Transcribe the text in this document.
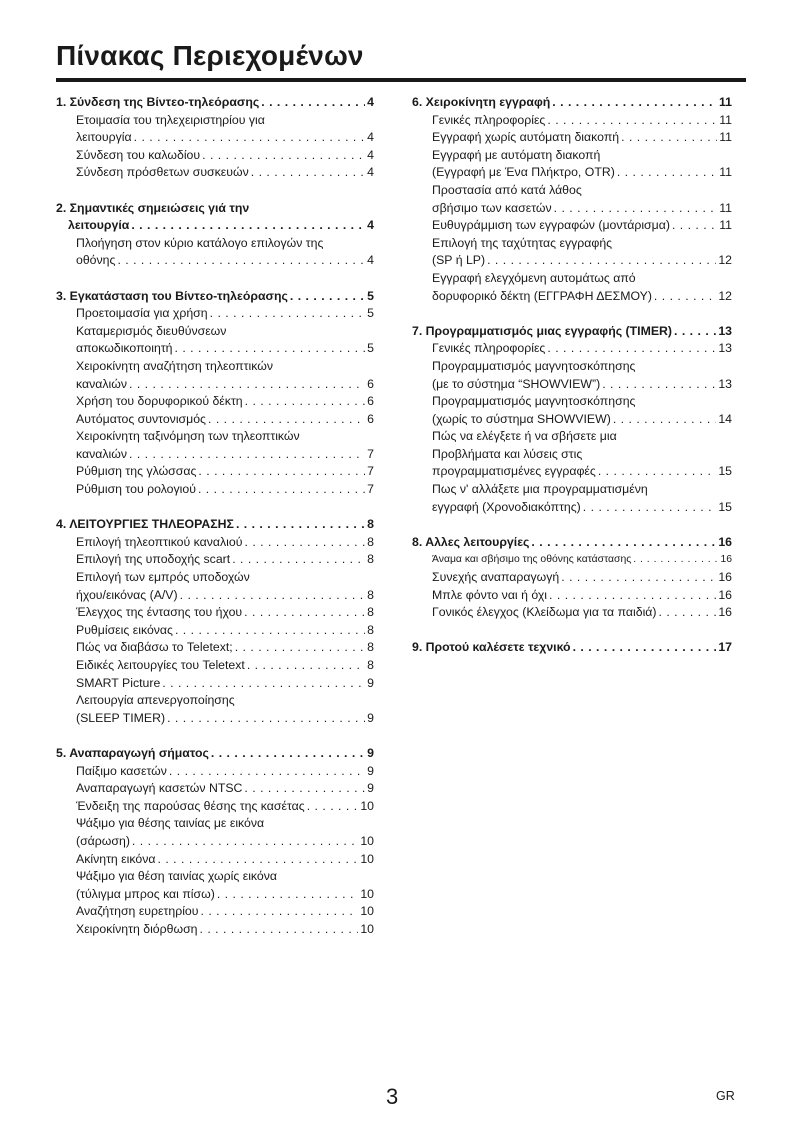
Πίνακας Περιεχομένων
1. Σύνδεση της Βίντεο-τηλεόρασης . . .	4
Ετοιμασία του τηλεχειριστηρίου για
λειτουργία . . .	4
Σύνδεση του καλωδίου . . .	4
Σύνδεση πρόσθετων συσκευών . . .	4
2. Σημαντικές σημειώσεις γιά την
λειτουργία . . .	4
Πλοήγηση στον κύριο κατάλογο επιλογών της
οθόνης . . .	4
3. Εγκατάσταση του Βίντεο-τηλεόρασης . . .	5
Προετοιμασία για χρήση . . .	5
Καταμερισμός διευθύνσεων
αποκωδικοποιητή . . .	5
Χειροκίνητη αναζήτηση τηλεοπτικών
καναλιών . . .	6
Χρήση του δορυφορικού δέκτη . . .	6
Αυτόματος συντονισμός . . .	6
Χειροκίνητη ταξινόμηση των τηλεοπτικών
καναλιών . . .	7
Ρύθμιση της γλώσσας . . .	7
Ρύθμιση του ρολογιού . . .	7
4. ΛΕΙΤΟΥΡΓΙΕΣ ΤΗΛΕΟΡΑΣΗΣ . . .	8
Επιλογή τηλεοπτικού καναλιού . . .	8
Επιλογή της υποδοχής scart . . .	8
Επιλογή των εμπρός υποδοχών
ήχου/εικόνας (A/V) . . .	8
Έλεγχος της έντασης του ήχου . . .	8
Ρυθμίσεις εικόνας . . .	8
Πώς να διαβάσω το Teletext; . . .	8
Ειδικές λειτουργίες του Teletext . . .	8
SMART Picture . . .	9
Λειτουργία απενεργοποίησης
(SLEEP TIMER) . . .	9
5. Αναπαραγωγή σήματος . . .	9
Παίξιμο κασετών . . .	9
Αναπαραγωγή κασετών NTSC . . .	9
Ένδειξη της παρούσας θέσης της κασέτας . . .	10
Ψάξιμο για θέσης ταινίας με εικόνα
(σάρωση) . . .	10
Ακίνητη εικόνα . . .	10
Ψάξιμο για θέση ταινίας χωρίς εικόνα
(τύλιγμα μπρος και πίσω) . . .	10
Αναζήτηση ευρετηρίου . . .	10
Χειροκίνητη διόρθωση . . .	10
6. Χειροκίνητη εγγραφή . . .	11
Γενικές πληροφορίες . . .	11
Εγγραφή χωρίς αυτόματη διακοπή . . .	11
Εγγραφή με αυτόματη διακοπή
(Εγγραφή με Ένα Πλήκτρο, OTR) . . .	11
Προστασία από κατά λάθος
σβήσιμο των κασετών . . .	11
Ευθυγράμμιση των εγγραφών (μοντάρισμα) . . .	11
Επιλογή της ταχύτητας εγγραφής
(SP ή LP) . . .	12
Εγγραφή ελεγχόμενη αυτομάτως από
δορυφορικό δέκτη (ΕΓΓΡΑΦΗ ΔΕΣΜΟΥ) . . .	12
7. Προγραμματισμός μιας εγγραφής (TIMER) . . .	13
Γενικές πληροφορίες . . .	13
Προγραμματισμός μαγνητοσκόπησης
(με το σύστημα “SHOWVIEW”) . . .	13
Προγραμματισμός μαγνητοσκόπησης
(χωρίς το σύστημα SHOWVIEW) . . .	14
Πώς να ελέγξετε ή να σβήσετε μια
Προβλήματα και λύσεις στις
προγραμματισμένες εγγραφές . . .	15
Πως ν' αλλάξετε μια προγραμματισμένη
εγγραφή (Χρονοδιακόπτης) . . .	15
8. Αλλες λειτουργίες . . .	16
Άναμα και σβήσιμο της οθόνης κατάστασης . . .	16
Συνεχής αναπαραγωγή . . .	16
Μπλε φόντο ναι ή όχι . . .	16
Γονικός έλεγχος (Κλείδωμα για τα παιδιά) . . .	16
9. Προτού καλέσετε τεχνικό . . .	17
3	GR
